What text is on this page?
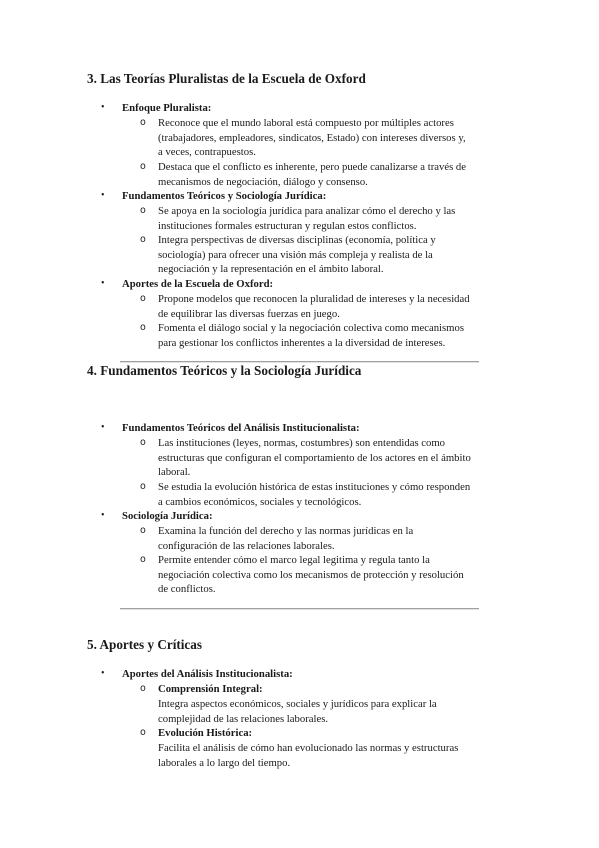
3. Las Teorías Pluralistas de la Escuela de Oxford
• Enfoque Pluralista:
o Reconoce que el mundo laboral está compuesto por múltiples actores
(trabajadores, empleadores, sindicatos, Estado) con intereses diversos y,
a veces, contrapuestos.
o Destaca que el conflicto es inherente, pero puede canalizarse a través de
mecanismos de negociación, diálogo y consenso.
• Fundamentos Teóricos y Sociología Jurídica:
o Se apoya en la sociología jurídica para analizar cómo el derecho y las
instituciones formales estructuran y regulan estos conflictos.
o Integra perspectivas de diversas disciplinas (economía, política y
sociología) para ofrecer una visión más compleja y realista de la
negociación y la representación en el ámbito laboral.
• Aportes de la Escuela de Oxford:
o Propone modelos que reconocen la pluralidad de intereses y la necesidad
de equilibrar las diversas fuerzas en juego.
o Fomenta el diálogo social y la negociación colectiva como mecanismos
para gestionar los conflictos inherentes a la diversidad de intereses.
4. Fundamentos Teóricos y la Sociología Jurídica
• Fundamentos Teóricos del Análisis Institucionalista:
o Las instituciones (leyes, normas, costumbres) son entendidas como
estructuras que configuran el comportamiento de los actores en el ámbito
laboral.
o Se estudia la evolución histórica de estas instituciones y cómo responden
a cambios económicos, sociales y tecnológicos.
• Sociología Jurídica:
o Examina la función del derecho y las normas jurídicas en la
configuración de las relaciones laborales.
o Permite entender cómo el marco legal legitima y regula tanto la
negociación colectiva como los mecanismos de protección y resolución
de conflictos.
5. Aportes y Críticas
• Aportes del Análisis Institucionalista:
o Comprensión Integral:
Integra aspectos económicos, sociales y jurídicos para explicar la
complejidad de las relaciones laborales.
o Evolución Histórica:
Facilita el análisis de cómo han evolucionado las normas y estructuras
laborales a lo largo del tiempo.
